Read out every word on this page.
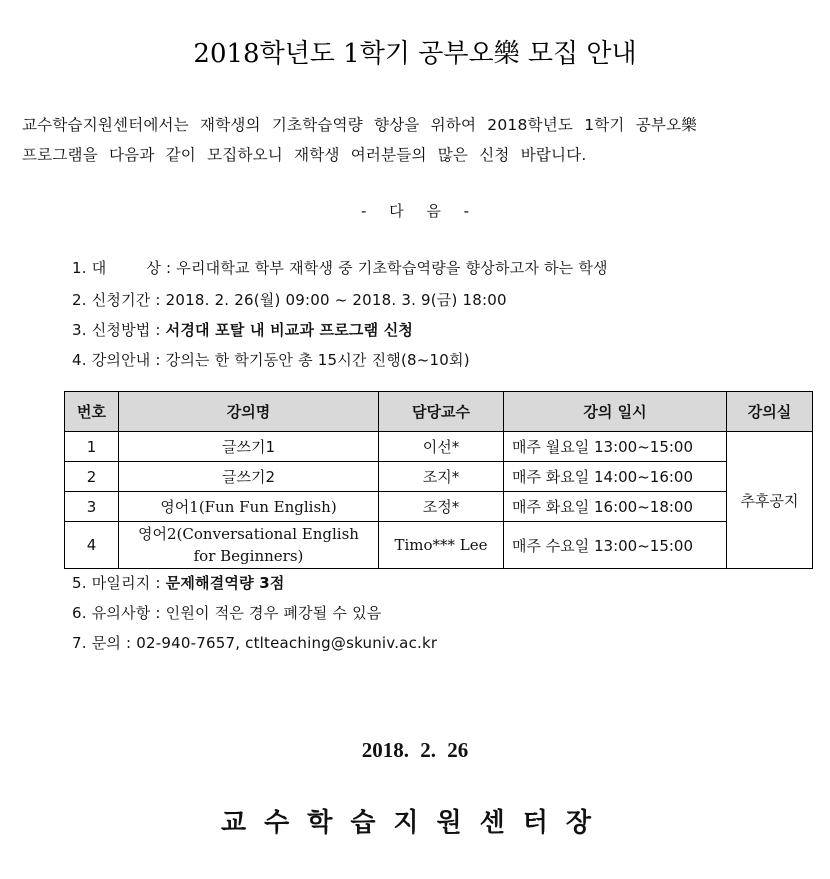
2018학년도 1학기 공부오樂 모집 안내
교수학습지원센터에서는 재학생의 기초학습역량 향상을 위하여 2018학년도 1학기 공부오樂
프로그램을 다음과 같이 모집하오니 재학생 여러분들의 많은 신청 바랍니다.
- 다 음 -
1. 대	상 : 우리대학교 학부 재학생 중 기초학습역량을 향상하고자 하는 학생
2. 신청기간 : 2018. 2. 26(월) 09:00 ~ 2018. 3. 9(금) 18:00
3. 신청방법 : 서경대 포탈 내 비교과 프로그램 신청
4. 강의안내 : 강의는 한 학기동안 총 15시간 진행(8~10회)
번호	강의명	담당교수	강의 일시	강의실
1	글쓰기1	이선*	매주 월요일 13:00~15:00	추후공지
2	글쓰기2	조지*	매주 화요일 14:00~16:00	
3	영어1(Fun Fun English)	조정*	매주 화요일 16:00~18:00	
4	영어2(Conversational English
for Beginners)	Timo*** Lee	매주 수요일 13:00~15:00	
5. 마일리지 : 문제해결역량 3점
6. 유의사항 : 인원이 적은 경우 폐강될 수 있음
7. 문의 : 02-940-7657, ctlteaching@skuniv.ac.kr
2018. 2. 26
교수학습지원센터장
